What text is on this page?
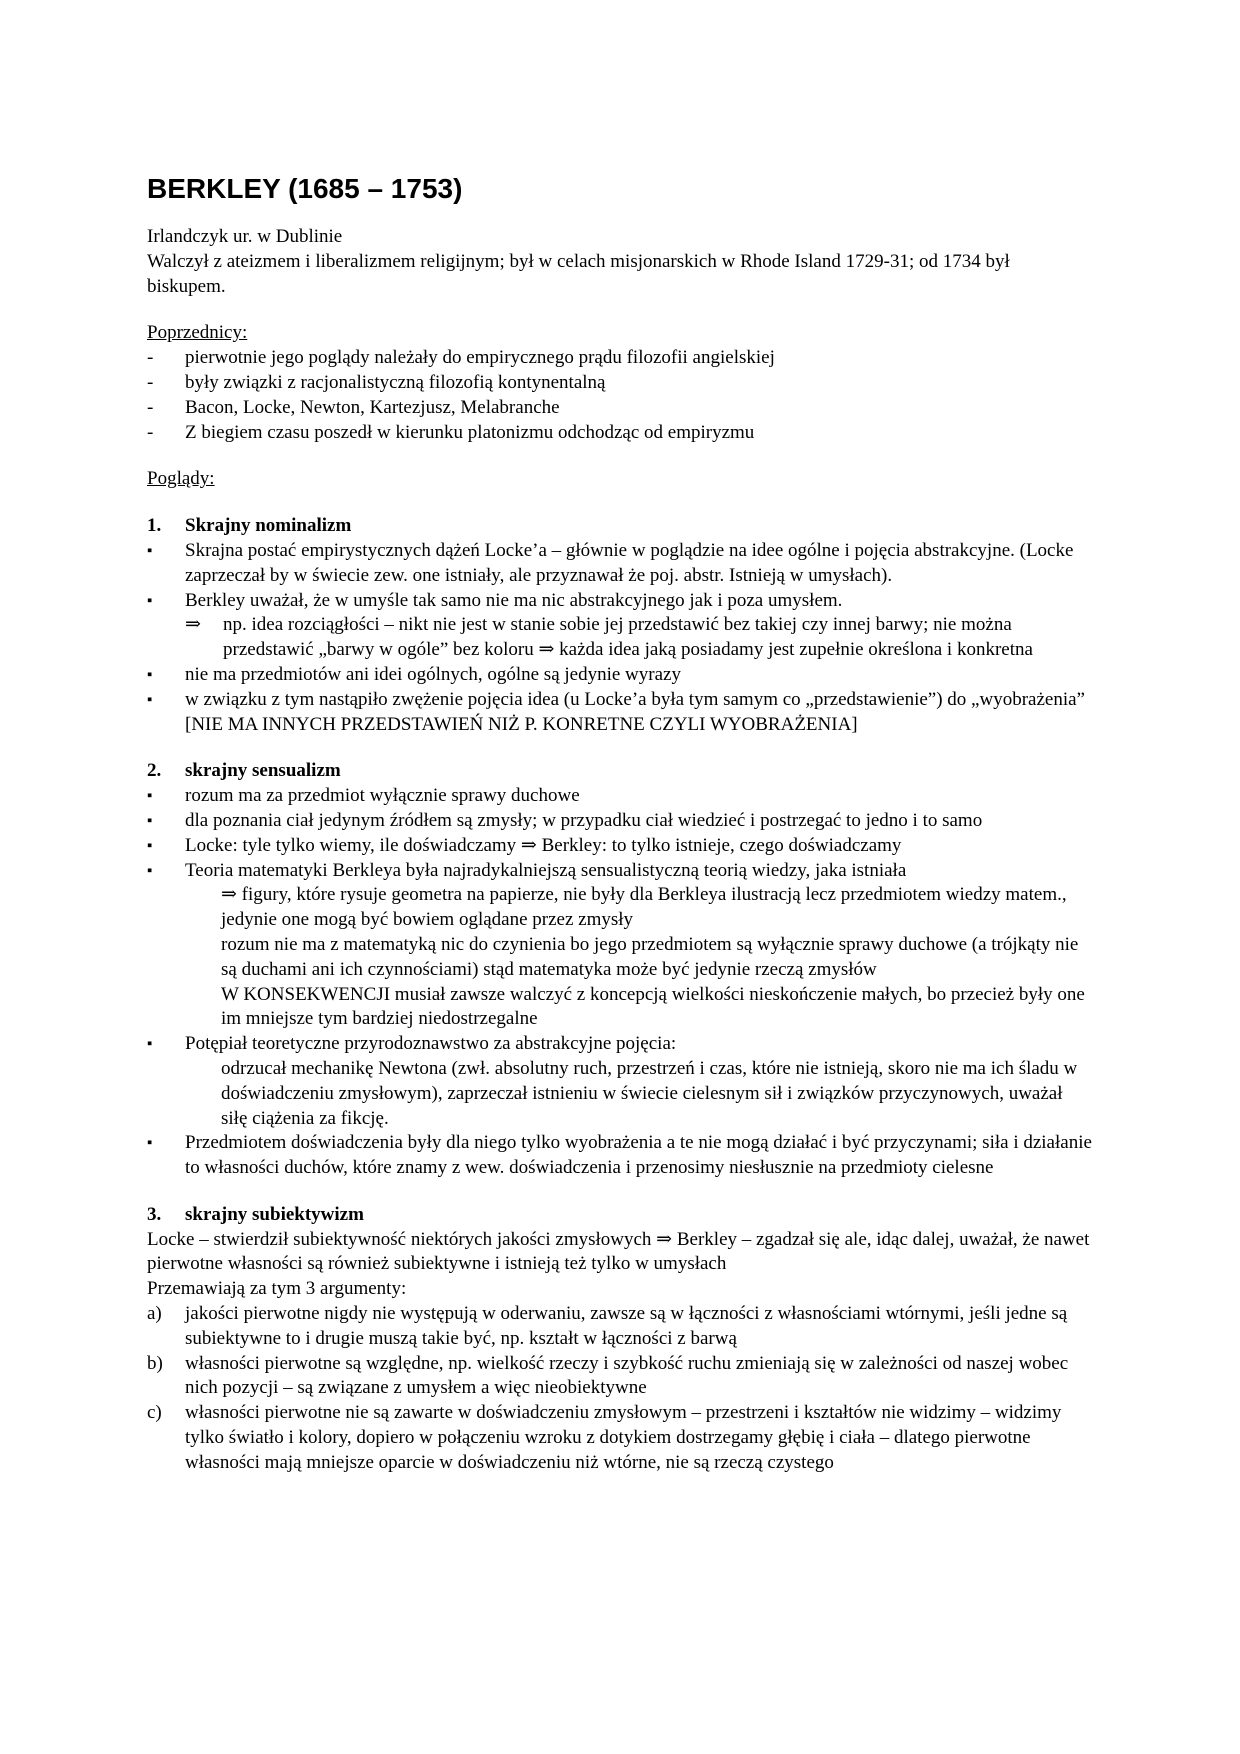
BERKLEY (1685 – 1753)

Irlandczyk ur. w Dublinie

Walczył z ateizmem i liberalizmem religijnym; był w celach misjonarskich w Rhode Island 1729-31; od 1734 był biskupem.

Poprzednicy:

-	pierwotnie jego poglądy należały do empirycznego prądu filozofii angielskiej
-	były związki z racjonalistyczną filozofią kontynentalną
-	Bacon, Locke, Newton, Kartezjusz, Melabranche
-	Z biegiem czasu poszedł w kierunku platonizmu odchodząc od empiryzmu

Poglądy:

1.	Skrajny nominalizm
▪	Skrajna postać empirystycznych dążeń Locke’a – głównie w poglądzie na idee ogólne i pojęcia abstrakcyjne. (Locke zaprzeczał by w świecie zew. one istniały, ale przyznawał że poj. abstr. Istnieją w umysłach).
▪	Berkley uważał, że w umyśle tak samo nie ma nic abstrakcyjnego jak i poza umysłem.
⇒	np. idea rozciągłości – nikt nie jest w stanie sobie jej przedstawić bez takiej czy innej barwy; nie można przedstawić „barwy w ogóle” bez koloru ⇒ każda idea jaką posiadamy jest zupełnie określona i konkretna
▪	nie ma przedmiotów ani idei ogólnych, ogólne są jedynie wyrazy
▪	w związku z tym nastąpiło zwężenie pojęcia idea (u Locke’a była tym samym co „przedstawienie”) do „wyobrażenia” [NIE MA INNYCH PRZEDSTAWIEŃ NIŻ P. KONRETNE CZYLI WYOBRAŻENIA]
2.	skrajny sensualizm
▪	rozum ma za przedmiot wyłącznie sprawy duchowe
▪	dla poznania ciał jedynym źródłem są zmysły; w przypadku ciał wiedzieć i postrzegać to jedno i to samo
▪	Locke: tyle tylko wiemy, ile doświadczamy ⇒ Berkley: to tylko istnieje, czego doświadczamy
▪	Teoria matematyki Berkleya była najradykalniejszą sensualistyczną teorią wiedzy, jaka istniała

⇒ figury, które rysuje geometra na papierze, nie były dla Berkleya ilustracją lecz przedmiotem wiedzy matem., jedynie one mogą być bowiem oglądane przez zmysły

rozum nie ma z matematyką nic do czynienia bo jego przedmiotem są wyłącznie sprawy duchowe (a trójkąty nie są duchami ani ich czynnościami) stąd matematyka może być jedynie rzeczą zmysłów

W KONSEKWENCJI musiał zawsze walczyć z koncepcją wielkości nieskończenie małych, bo przecież były one im mniejsze tym bardziej niedostrzegalne

▪	Potępiał teoretyczne przyrodoznawstwo za abstrakcyjne pojęcia:

odrzucał mechanikę Newtona (zwł. absolutny ruch, przestrzeń i czas, które nie istnieją, skoro nie ma ich śladu w doświadczeniu zmysłowym), zaprzeczał istnieniu w świecie cielesnym sił i związków przyczynowych, uważał siłę ciążenia za fikcję.

▪	Przedmiotem doświadczenia były dla niego tylko wyobrażenia a te nie mogą działać i być przyczynami; siła i działanie to własności duchów, które znamy z wew. doświadczenia i przenosimy niesłusznie na przedmioty cielesne
3.	skrajny subiektywizm

Locke – stwierdził subiektywność niektórych jakości zmysłowych ⇒ Berkley – zgadzał się ale, idąc dalej, uważał, że nawet pierwotne własności są również subiektywne i istnieją też tylko w umysłach

Przemawiają za tym 3 argumenty:

a)	jakości pierwotne nigdy nie występują w oderwaniu, zawsze są w łączności z własnościami wtórnymi, jeśli jedne są subiektywne to i drugie muszą takie być, np. kształt w łączności z barwą
b)	własności pierwotne są względne, np. wielkość rzeczy i szybkość ruchu zmieniają się w zależności od naszej wobec nich pozycji – są związane z umysłem a więc nieobiektywne
c)	własności pierwotne nie są zawarte w doświadczeniu zmysłowym – przestrzeni i kształtów nie widzimy – widzimy tylko światło i kolory, dopiero w połączeniu wzroku z dotykiem dostrzegamy głębię i ciała – dlatego pierwotne własności mają mniejsze oparcie w doświadczeniu niż wtórne, nie są rzeczą czystego
